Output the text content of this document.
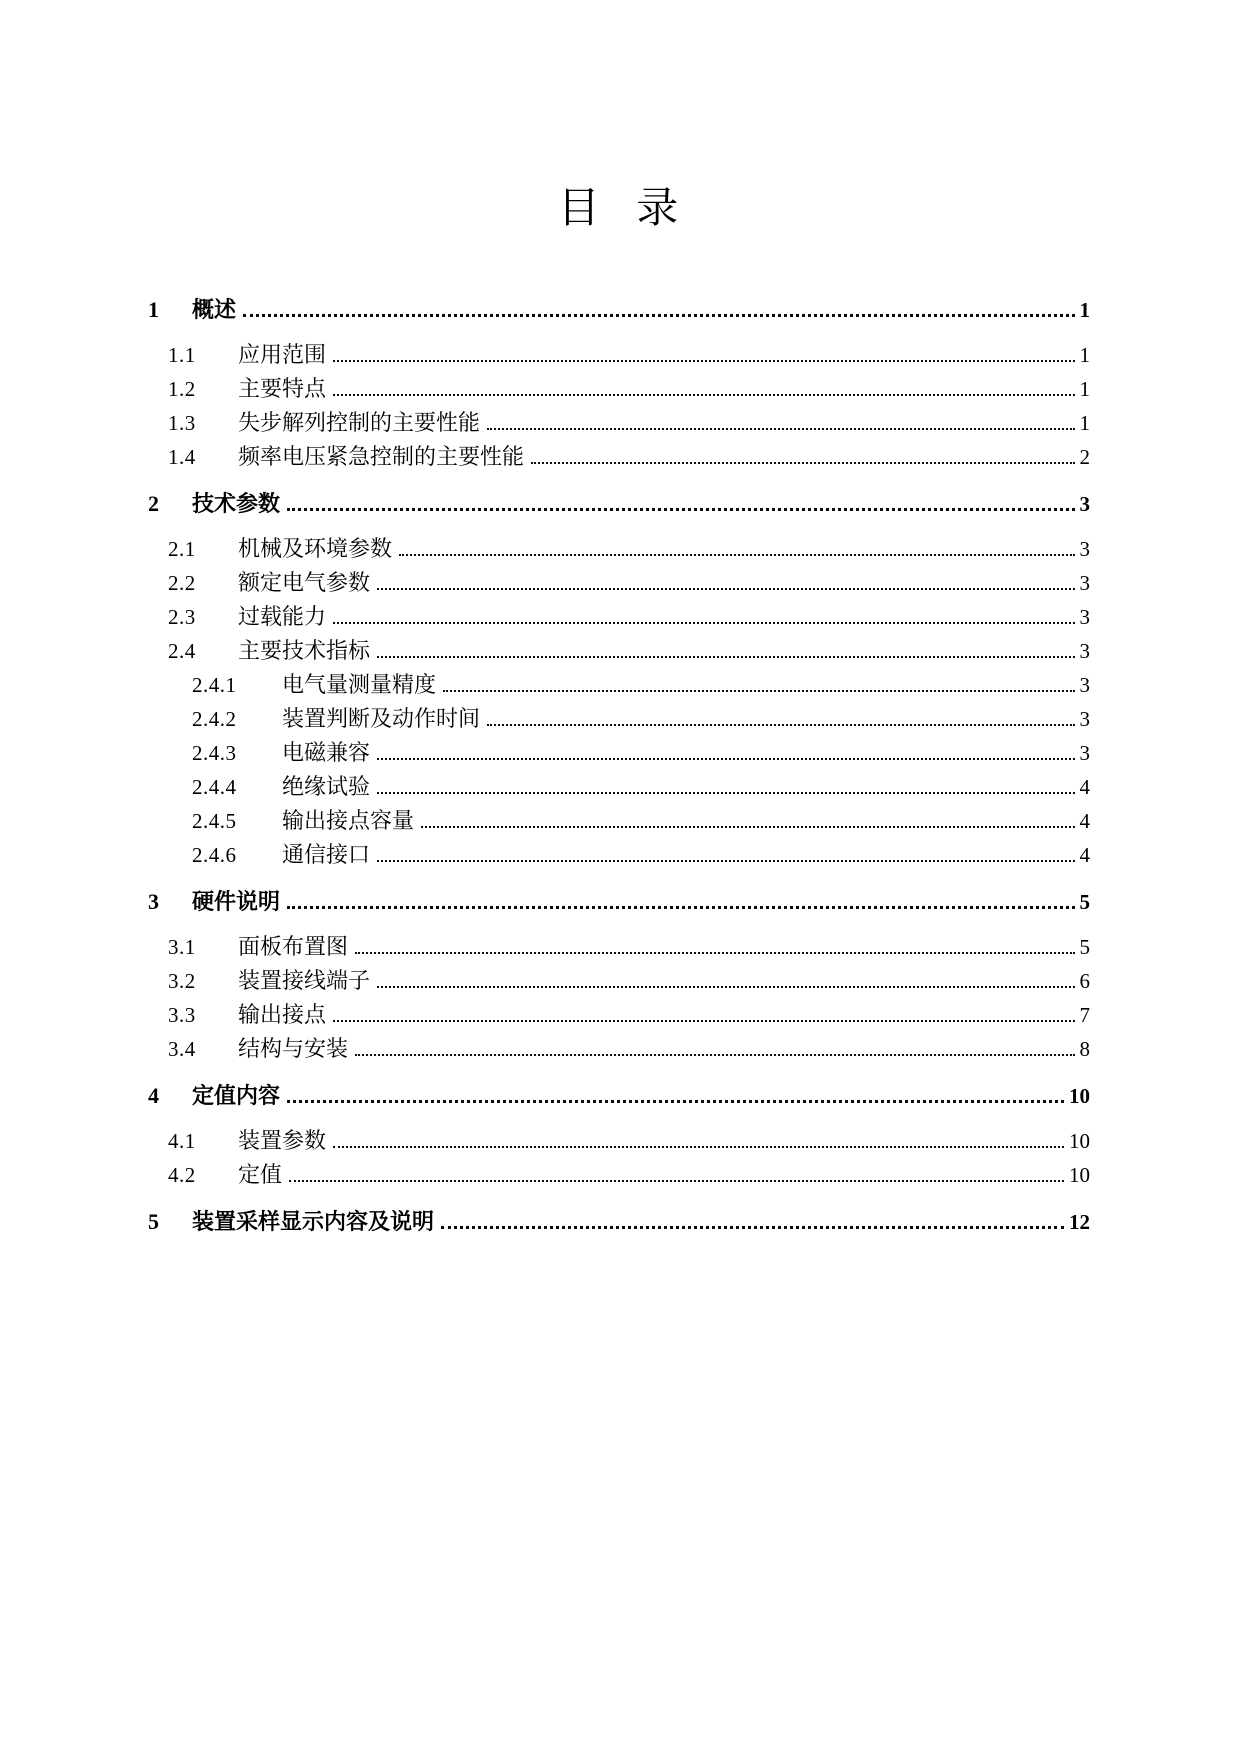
目 录
1	概述	1
1.1	应用范围	1
1.2	主要特点	1
1.3	失步解列控制的主要性能	1
1.4	频率电压紧急控制的主要性能	2
2	技术参数	3
2.1	机械及环境参数	3
2.2	额定电气参数	3
2.3	过载能力	3
2.4	主要技术指标	3
2.4.1	电气量测量精度	3
2.4.2	装置判断及动作时间	3
2.4.3	电磁兼容	3
2.4.4	绝缘试验	4
2.4.5	输出接点容量	4
2.4.6	通信接口	4
3	硬件说明	5
3.1	面板布置图	5
3.2	装置接线端子	6
3.3	输出接点	7
3.4	结构与安装	8
4	定值内容	10
4.1	装置参数	10
4.2	定值	10
5	装置采样显示内容及说明	12
